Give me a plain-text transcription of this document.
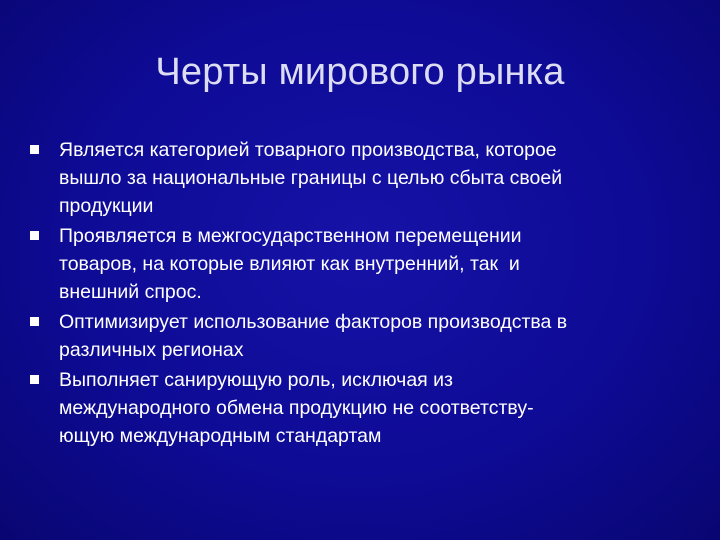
Черты мирового рынка
Является категорией товарного производства, которое
вышло за национальные границы с целью сбыта своей
продукции
Проявляется в межгосударственном перемещении
товаров, на которые влияют как внутренний, так  и
внешний спрос.
Оптимизирует использование факторов производства в
различных регионах
Выполняет санирующую роль, исключая из
международного обмена продукцию не соответству-
ющую международным стандартам
